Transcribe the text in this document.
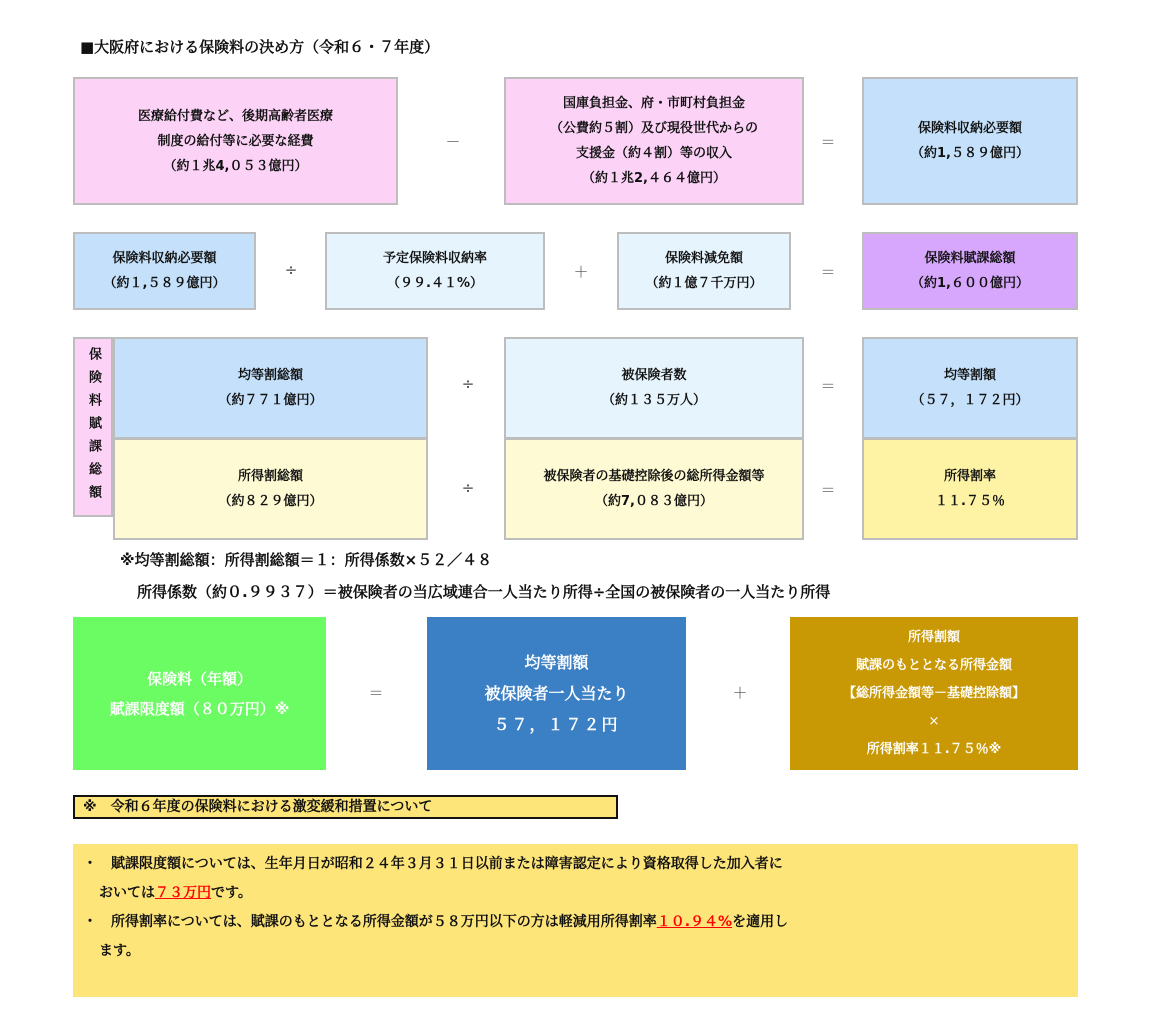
■大阪府における保険料の決め方（令和６・７年度）
医療給付費など、後期高齢者医療
制度の給付等に必要な経費
（約１兆4,０５３億円）
－
国庫負担金、府・市町村負担金
（公費約５割）及び現役世代からの
支援金（約４割）等の収入
（約１兆2,４６４億円）
＝
保険料収納必要額
（約1,５８９億円）
保険料収納必要額
（約１,５８９億円）
÷
予定保険料収納率
（９９.４１%）
＋
保険料減免額
（約１億７千万円）
＝
保険料賦課総額
（約1,６００億円）
保険料賦課総額	均等割総額
（約７７１億円）
÷	被保険者数
（約１３５万人）
＝
均等割額
（５７，１７２円）
所得割総額
（約８２９億円）
÷
被保険者の基礎控除後の総所得金額等
（約7,０８３億円）
＝
所得割率
１１.７５％
※均等割総額：所得割総額＝１：所得係数×５２／４８
所得係数（約０.９９３７）＝被保険者の当広域連合一人当たり所得÷全国の被保険者の一人当たり所得
保険料（年額）
賦課限度額（８０万円）※
＝
均等割額
被保険者一人当たり
５７，１７２円
＋
所得割額
賦課のもととなる所得金額
【総所得金額等－基礎控除額】
×
所得割率１１.７５％※
※　令和６年度の保険料における激変緩和措置について
・　賦課限度額については、生年月日が昭和２４年３月３１日以前または障害認定により資格取得した加入者に
おいては７３万円です。
・　所得割率については、賦課のもととなる所得金額が５８万円以下の方は軽減用所得割率１０.９４%を適用し
ます。
